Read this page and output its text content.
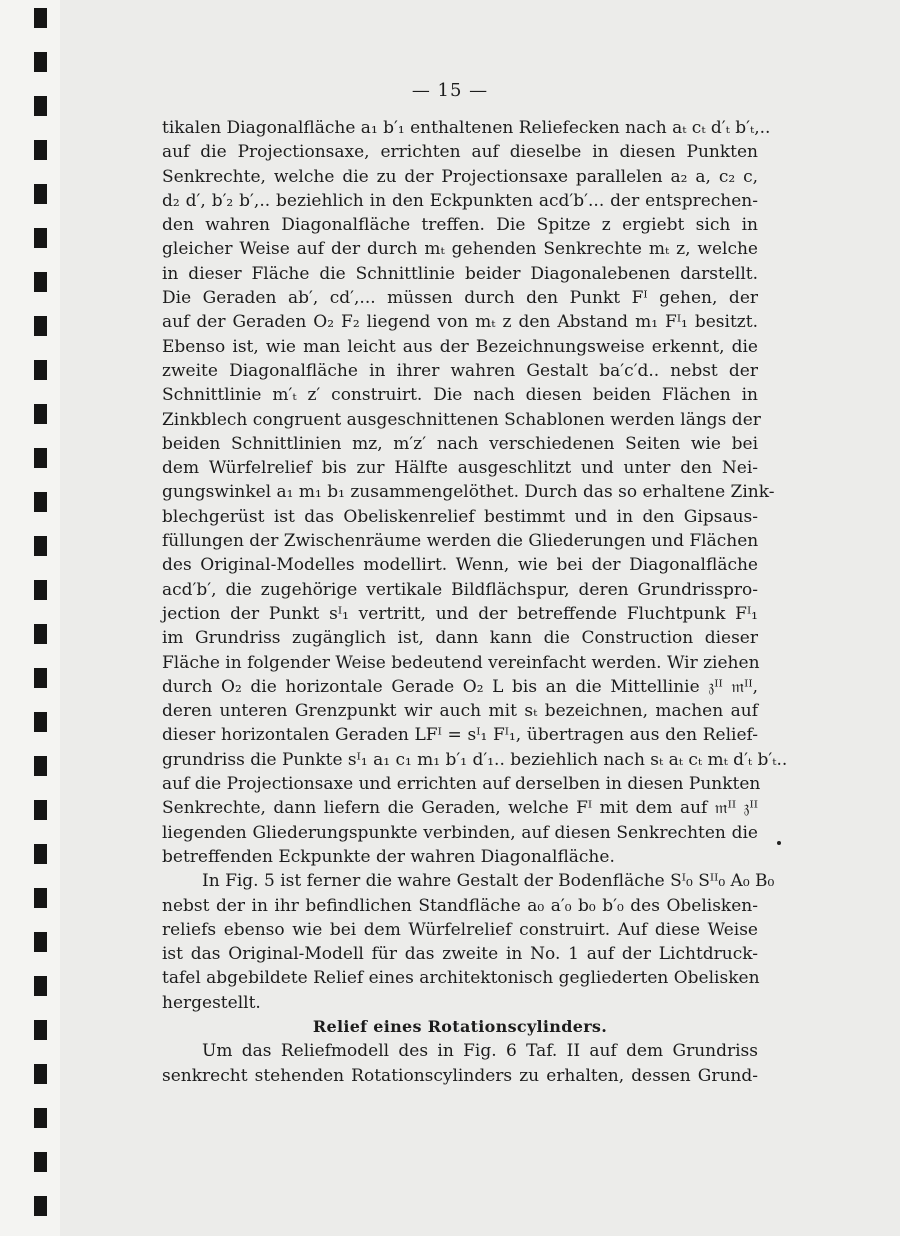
— 15 —
tikalen Diagonalfläche a₁ b′₁ enthaltenen Reliefecken nach aₜ cₜ d′ₜ b′ₜ,..
auf die Projectionsaxe, errichten auf dieselbe in diesen Punkten
Senkrechte, welche die zu der Projectionsaxe parallelen a₂ a, c₂ c,
d₂ d′, b′₂ b′,.. beziehlich in den Eckpunkten acd′b′... der entsprechen-
den wahren Diagonalfläche treffen. Die Spitze z ergiebt sich in
gleicher Weise auf der durch mₜ gehenden Senkrechte mₜ z, welche
in dieser Fläche die Schnittlinie beider Diagonalebenen darstellt.
Die Geraden ab′, cd′,... müssen durch den Punkt Fᴵ gehen, der
auf der Geraden O₂ F₂ liegend von mₜ z den Abstand m₁ Fᴵ₁ besitzt.
Ebenso ist, wie man leicht aus der Bezeichnungsweise erkennt, die
zweite Diagonalfläche in ihrer wahren Gestalt ba′c′d.. nebst der
Schnittlinie m′ₜ z′ construirt. Die nach diesen beiden Flächen in
Zinkblech congruent ausgeschnittenen Schablonen werden längs der
beiden Schnittlinien mz, m′z′ nach verschiedenen Seiten wie bei
dem Würfelrelief bis zur Hälfte ausgeschlitzt und unter den Nei-
gungswinkel a₁ m₁ b₁ zusammengelöthet. Durch das so erhaltene Zink-
blechgerüst ist das Obeliskenrelief bestimmt und in den Gipsaus-
füllungen der Zwischenräume werden die Gliederungen und Flächen
des Original-Modelles modellirt. Wenn, wie bei der Diagonalfläche
acd′b′, die zugehörige vertikale Bildflächspur, deren Grundrisspro-
jection der Punkt sᴵ₁ vertritt, und der betreffende Fluchtpunk Fᴵ₁
im Grundriss zugänglich ist, dann kann die Construction dieser
Fläche in folgender Weise bedeutend vereinfacht werden. Wir ziehen
durch O₂ die horizontale Gerade O₂ L bis an die Mittellinie 𝔷ᴵᴵ 𝔪ᴵᴵ,
deren unteren Grenzpunkt wir auch mit sₜ bezeichnen, machen auf
dieser horizontalen Geraden LFᴵ = sᴵ₁ Fᴵ₁, übertragen aus den Relief-
grundriss die Punkte sᴵ₁ a₁ c₁ m₁ b′₁ d′₁.. beziehlich nach sₜ aₜ cₜ mₜ d′ₜ b′ₜ..
auf die Projectionsaxe und errichten auf derselben in diesen Punkten
Senkrechte, dann liefern die Geraden, welche Fᴵ mit dem auf 𝔪ᴵᴵ 𝔷ᴵᴵ
liegenden Gliederungspunkte verbinden, auf diesen Senkrechten die
betreffenden Eckpunkte der wahren Diagonalfläche.
In Fig. 5 ist ferner die wahre Gestalt der Bodenfläche Sᴵ₀ Sᴵᴵ₀ A₀ B₀
nebst der in ihr befindlichen Standfläche a₀ a′₀ b₀ b′₀ des Obelisken-
reliefs ebenso wie bei dem Würfelrelief construirt. Auf diese Weise
ist das Original-Modell für das zweite in No. 1 auf der Lichtdruck-
tafel abgebildete Relief eines architektonisch gegliederten Obelisken
hergestellt.
Relief eines Rotationscylinders.
Um das Reliefmodell des in Fig. 6 Taf. II auf dem Grundriss
senkrecht stehenden Rotationscylinders zu erhalten, dessen Grund-
